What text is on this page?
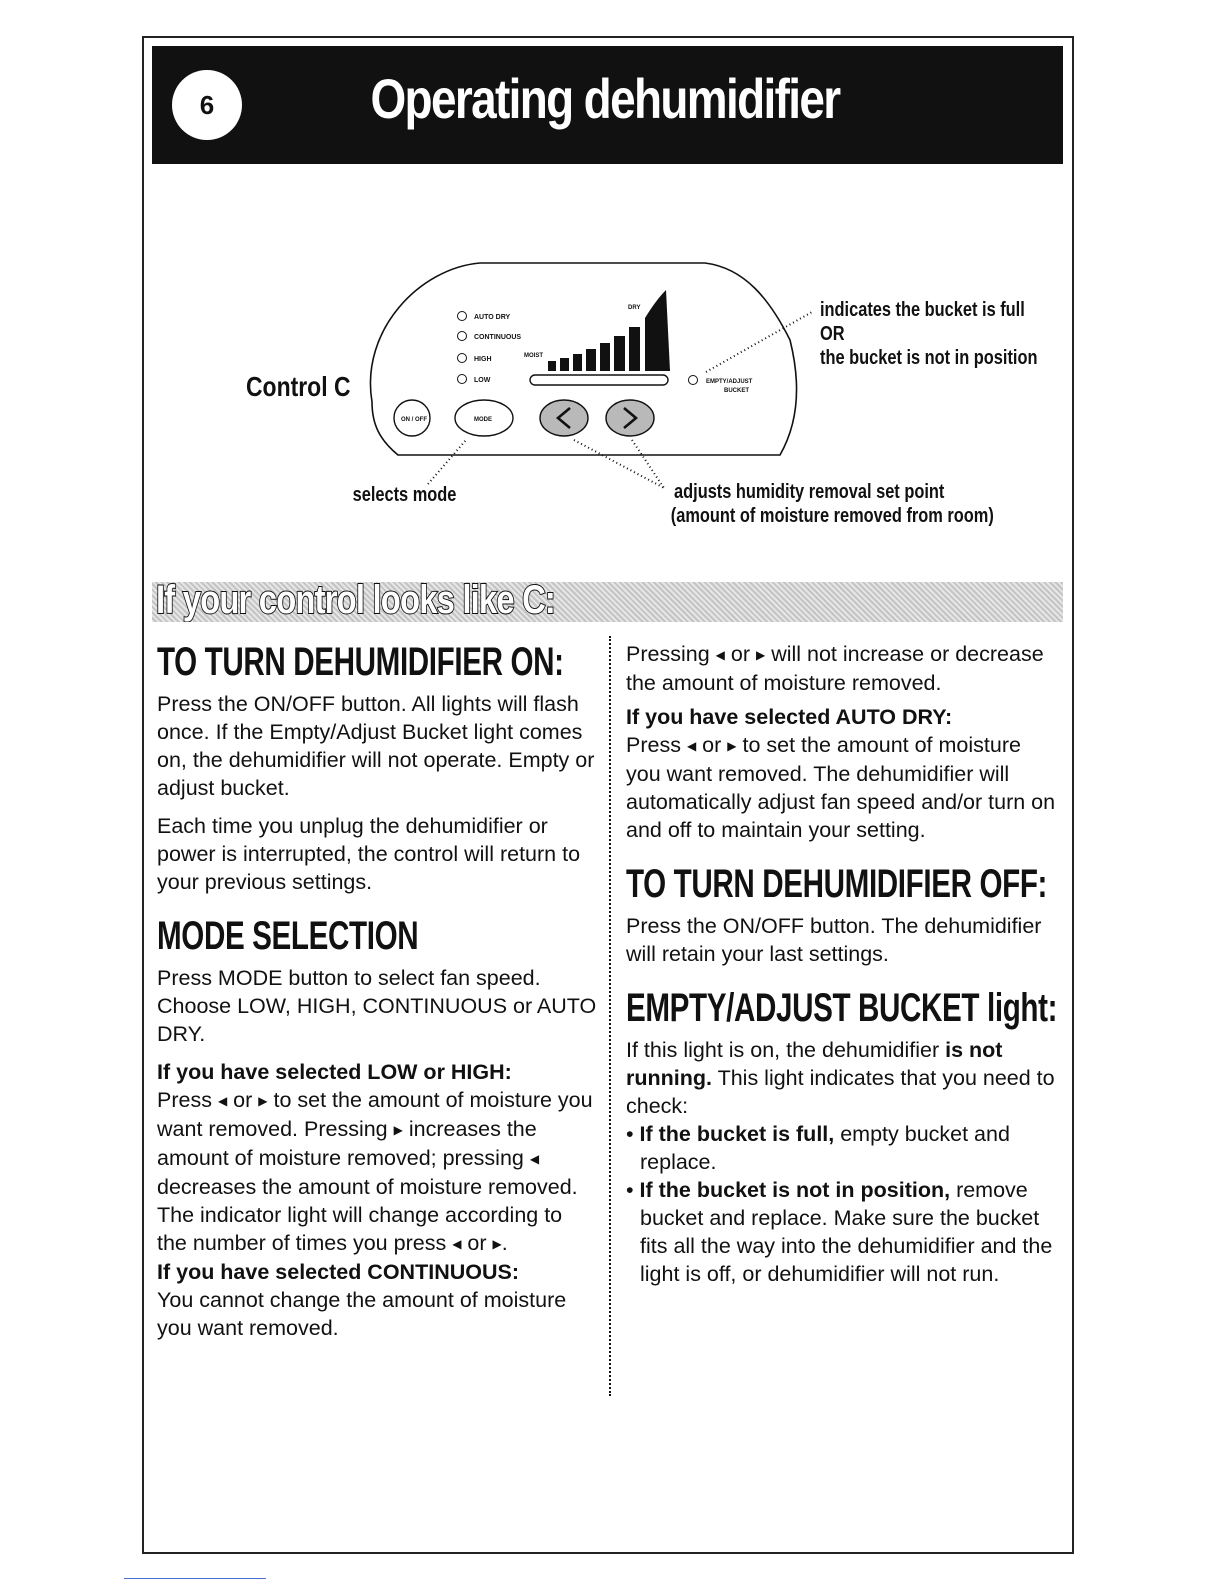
6	Operating dehumidifier
Control C
AUTO DRY
CONTINUOUS
HIGH
LOW
DRY
MOIST
EMPTY/ADJUST
BUCKET
ON / OFF	MODE
indicates the bucket is full
OR
the bucket is not in position
selects mode	adjusts humidity removal set point
(amount of moisture removed from room)
If your control looks like C:
TO TURN DEHUMIDIFIER ON:

Press the ON/OFF button. All lights will flash once. If the Empty/Adjust Bucket light comes on, the dehumidifier will not operate. Empty or adjust bucket.

Each time you unplug the dehumidifier or power is interrupted, the control will return to your previous settings.

MODE SELECTION

Press MODE button to select fan speed. Choose LOW, HIGH, CONTINUOUS or AUTO DRY.

If you have selected LOW or HIGH:

Press ◀ or ▶ to set the amount of moisture you want removed. Pressing ▶ increases the amount of moisture removed; pressing ◀ decreases the amount of moisture removed. The indicator light will change according to the number of times you press ◀ or ▶ .

If you have selected CONTINUOUS:

You cannot change the amount of moisture you want removed.

Pressing ◀ or ▶ will not increase or decrease the amount of moisture removed.

If you have selected AUTO DRY:

Press ◀ or ▶ to set the amount of moisture you want removed. The dehumidifier will automatically adjust fan speed and/or turn on and off to maintain your setting.

TO TURN DEHUMIDIFIER OFF:

Press the ON/OFF button. The dehumidifier will retain your last settings.

EMPTY/ADJUST BUCKET light:

If this light is on, the dehumidifier is not running. This light indicates that you need to check:

• If the bucket is full, empty bucket and replace.
• If the bucket is not in position, remove bucket and replace. Make sure the bucket fits all the way into the dehumidifier and the light is off, or dehumidifier will not run.
